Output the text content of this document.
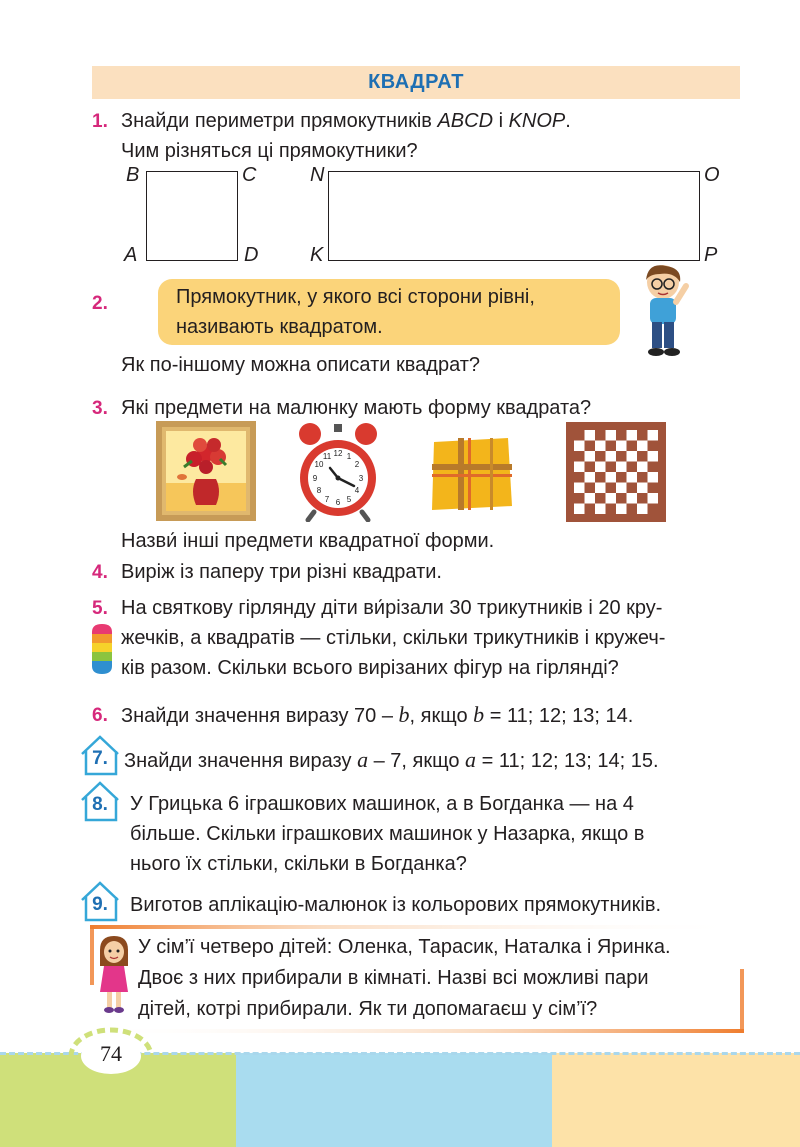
КВАДРАТ
1. Знайди периметри прямокутників ABCD і KNOP.
Чим різняться ці прямокутники?
B	C
A	D
N	O
K	P
2.	Прямокутник, у якого всі сторони рівні,
називають квадратом.
Як по-іншому можна описати квадрат?
3. Які предмети на малюнку мають форму квадрата?
12 1
2
3
4
5
6
7
8
9
10
11
Назви́ інші предмети квадратної форми.
4. Виріж із паперу три різні квадрати.
5. На святкову гірлянду діти ви́різали 30 трикутників і 20 кру-
жечків, а квадратів — стільки, скільки трикутників і кружеч-
ків разом. Скільки всього вирізаних фігур на гірлянді?
6. Знайди значення виразу 70 – b, якщо b = 11; 12; 13; 14.
7. Знайди значення виразу a – 7, якщо a = 11; 12; 13; 14; 15.
8.	У Грицька 6 іграшкових машинок, а в Богданка — на 4
більше. Скільки іграшкових машинок у Назарка, якщо в
нього їх стільки, скільки в Богданка?
9.	Виготов аплікацію-малюнок із кольорових прямокутників.
У сім’ї четверо дітей: Оленка, Тарасик, Наталка і Яринка.
Двоє з них прибирали в кімнаті. Назві всі можливі пари
дітей, котрі прибирали. Як ти допомагаєш у сім’ї?
74
